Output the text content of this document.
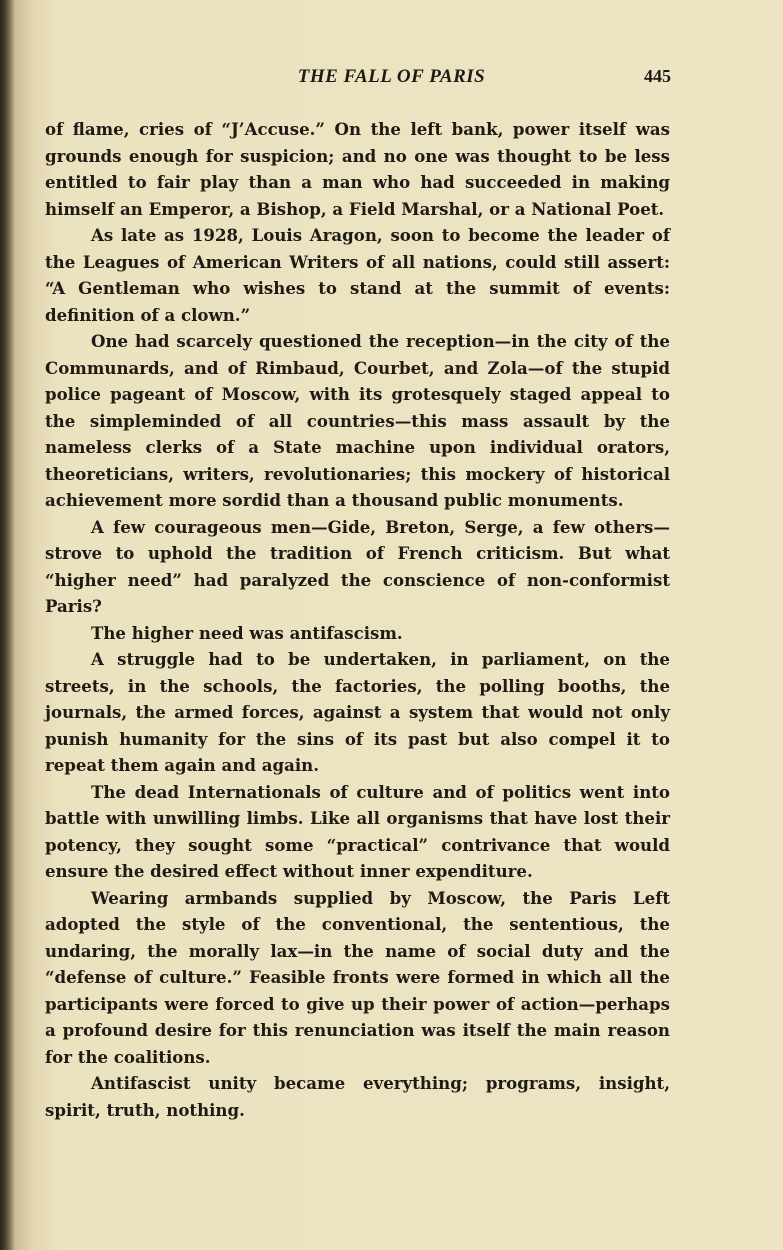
THE FALL OF PARIS	445

of flame, cries of “J’Accuse.” On the left bank, power itself was grounds enough for suspicion; and no one was thought to be less entitled to fair play than a man who had succeeded in making himself an Emperor, a Bishop, a Field Marshal, or a National Poet.

As late as 1928, Louis Aragon, soon to become the leader of the Leagues of American Writers of all nations, could still assert: “A Gentleman who wishes to stand at the summit of events: definition of a clown.”

One had scarcely questioned the reception—in the city of the Communards, and of Rimbaud, Courbet, and Zola—of the stupid police pageant of Moscow, with its grotesquely staged appeal to the simpleminded of all countries—this mass assault by the nameless clerks of a State machine upon individual orators, theoreticians, writers, revolutionaries; this mockery of historical achievement more sordid than a thousand public monuments.

A few courageous men—Gide, Breton, Serge, a few others—strove to uphold the tradition of French criticism. But what “higher need” had paralyzed the conscience of non-conformist Paris?

The higher need was antifascism.

A struggle had to be undertaken, in parliament, on the streets, in the schools, the factories, the polling booths, the journals, the armed forces, against a system that would not only punish humanity for the sins of its past but also compel it to repeat them again and again.

The dead Internationals of culture and of politics went into battle with unwilling limbs. Like all organisms that have lost their potency, they sought some “practical” contrivance that would ensure the desired effect without inner expenditure.

Wearing armbands supplied by Moscow, the Paris Left adopted the style of the conventional, the sententious, the undaring, the morally lax—in the name of social duty and the “defense of culture.” Feasible fronts were formed in which all the participants were forced to give up their power of action—perhaps a profound desire for this renunciation was itself the main reason for the coalitions.

Antifascist unity became everything; programs, insight, spirit, truth, nothing.
